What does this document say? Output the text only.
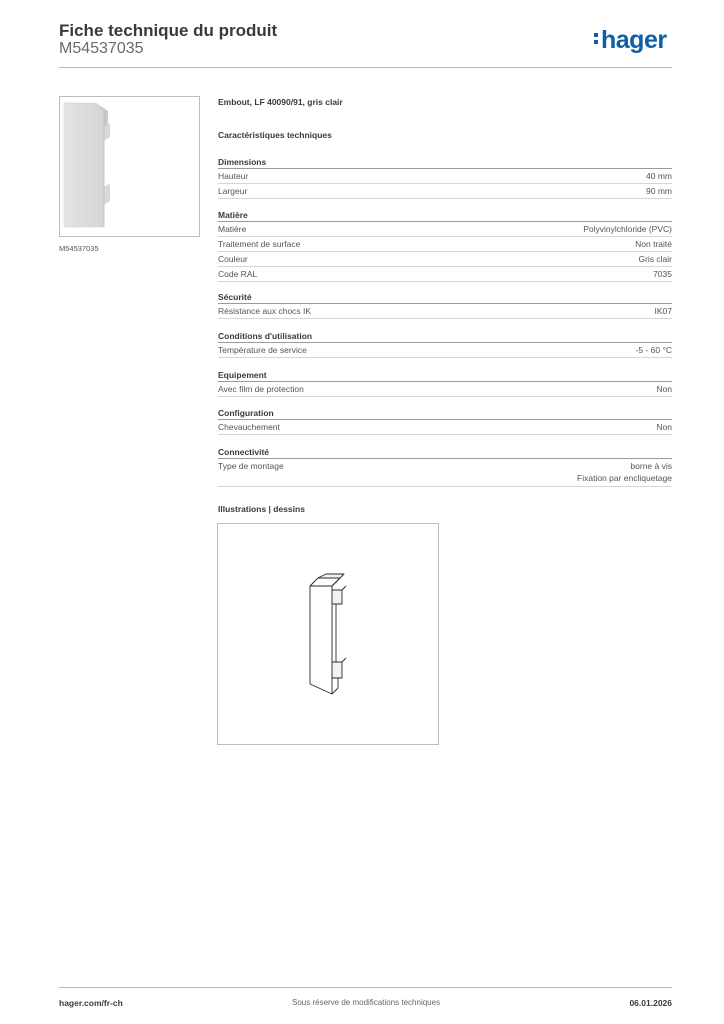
Fiche technique du produit
M54537035	hager
M54537035
Embout, LF 40090/91, gris clair
Caractéristiques techniques
Dimensions
Hauteur	40 mm
Largeur	90 mm
Matière
Matière	Polyvinylchloride (PVC)
Traitement de surface	Non traité
Couleur	Gris clair
Code RAL	7035
Sécurité
Résistance aux chocs IK	IK07
Conditions d'utilisation
Température de service	-5 - 60 °C
Equipement
Avec film de protection	Non
Configuration
Chevauchement	Non
Connectivité
Type de montage	borne à vis
Fixation par encliquetage
Illustrations | dessins
hager.com/fr-ch	Sous réserve de modifications techniques	06.01.2026
